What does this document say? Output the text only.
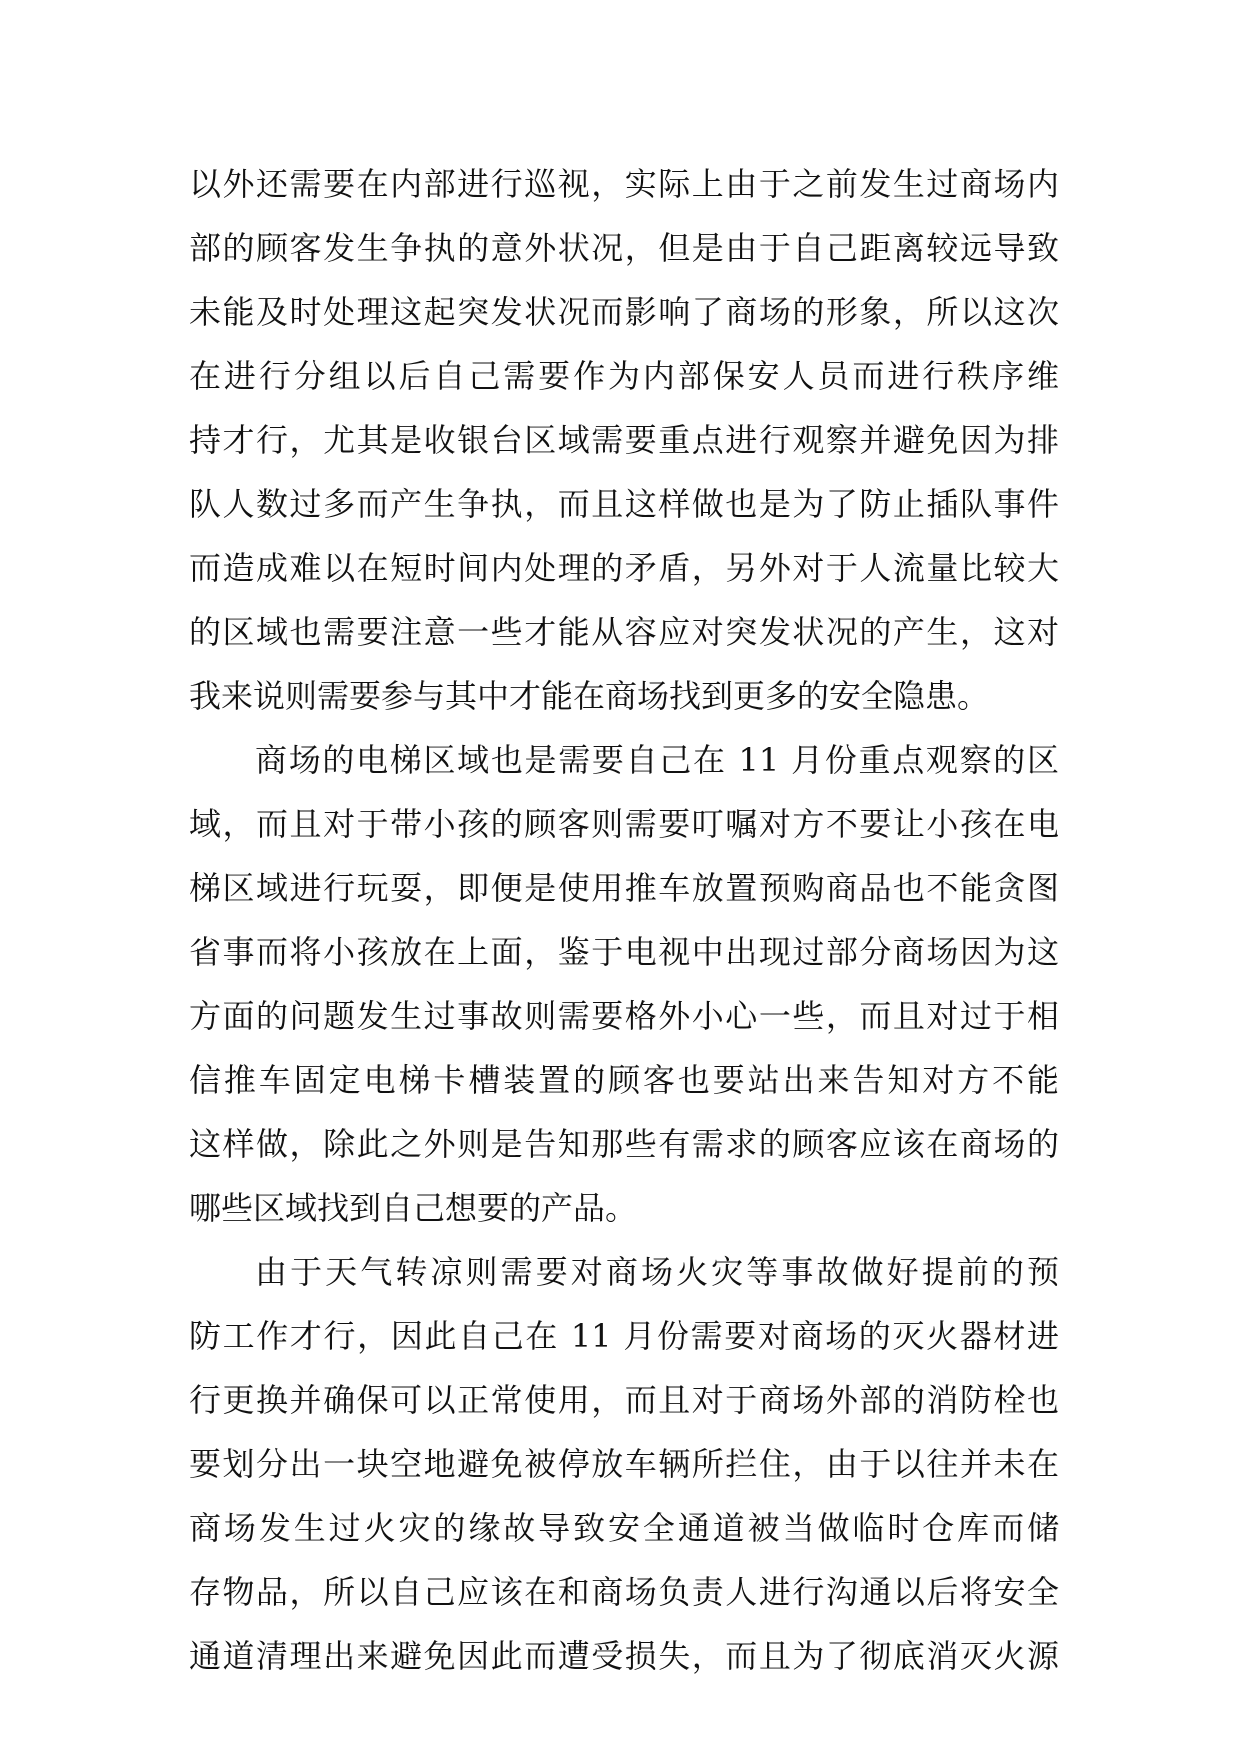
以外还需要在内部进行巡视，实际上由于之前发生过商场内
部的顾客发生争执的意外状况，但是由于自己距离较远导致
未能及时处理这起突发状况而影响了商场的形象，所以这次
在进行分组以后自己需要作为内部保安人员而进行秩序维
持才行，尤其是收银台区域需要重点进行观察并避免因为排
队人数过多而产生争执，而且这样做也是为了防止插队事件
而造成难以在短时间内处理的矛盾，另外对于人流量比较大
的区域也需要注意一些才能从容应对突发状况的产生，这对
我来说则需要参与其中才能在商场找到更多的安全隐患。
商场的电梯区域也是需要自己在 11 月份重点观察的区
域，而且对于带小孩的顾客则需要叮嘱对方不要让小孩在电
梯区域进行玩耍，即便是使用推车放置预购商品也不能贪图
省事而将小孩放在上面，鉴于电视中出现过部分商场因为这
方面的问题发生过事故则需要格外小心一些，而且对过于相
信推车固定电梯卡槽装置的顾客也要站出来告知对方不能
这样做，除此之外则是告知那些有需求的顾客应该在商场的
哪些区域找到自己想要的产品。
由于天气转凉则需要对商场火灾等事故做好提前的预
防工作才行，因此自己在 11 月份需要对商场的灭火器材进
行更换并确保可以正常使用，而且对于商场外部的消防栓也
要划分出一块空地避免被停放车辆所拦住，由于以往并未在
商场发生过火灾的缘故导致安全通道被当做临时仓库而储
存物品，所以自己应该在和商场负责人进行沟通以后将安全
通道清理出来避免因此而遭受损失，而且为了彻底消灭火源
